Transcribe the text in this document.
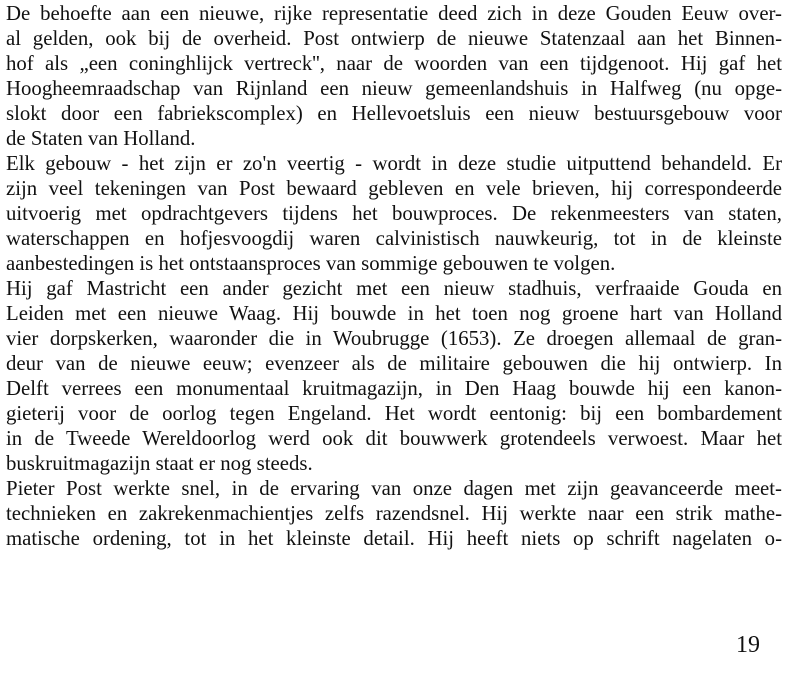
De behoefte aan een nieuwe, rijke representatie deed zich in deze Gouden Eeuw over-
al gelden, ook bij de overheid. Post ontwierp de nieuwe Statenzaal aan het Binnen-
hof als „een coninghlijck vertreck'', naar de woorden van een tijdgenoot. Hij gaf het
Hoogheemraadschap van Rijnland een nieuw gemeenlandshuis in Halfweg (nu opge-
slokt door een fabriekscomplex) en Hellevoetsluis een nieuw bestuursgebouw voor
de Staten van Holland.
Elk gebouw - het zijn er zo'n veertig - wordt in deze studie uitputtend behandeld. Er
zijn veel tekeningen van Post bewaard gebleven en vele brieven, hij correspondeerde
uitvoerig met opdrachtgevers tijdens het bouwproces. De rekenmeesters van staten,
waterschappen en hofjesvoogdij waren calvinistisch nauwkeurig, tot in de kleinste
aanbestedingen is het ontstaansproces van sommige gebouwen te volgen.
Hij gaf Mastricht een ander gezicht met een nieuw stadhuis, verfraaide Gouda en
Leiden met een nieuwe Waag. Hij bouwde in het toen nog groene hart van Holland
vier dorpskerken, waaronder die in Woubrugge (1653). Ze droegen allemaal de gran-
deur van de nieuwe eeuw; evenzeer als de militaire gebouwen die hij ontwierp. In
Delft verrees een monumentaal kruitmagazijn, in Den Haag bouwde hij een kanon-
gieterij voor de oorlog tegen Engeland. Het wordt eentonig: bij een bombardement
in de Tweede Wereldoorlog werd ook dit bouwwerk grotendeels verwoest. Maar het
buskruitmagazijn staat er nog steeds.
Pieter Post werkte snel, in de ervaring van onze dagen met zijn geavanceerde meet-
technieken en zakrekenmachientjes zelfs razendsnel. Hij werkte naar een strik mathe-
matische ordening, tot in het kleinste detail. Hij heeft niets op schrift nagelaten o-
19
